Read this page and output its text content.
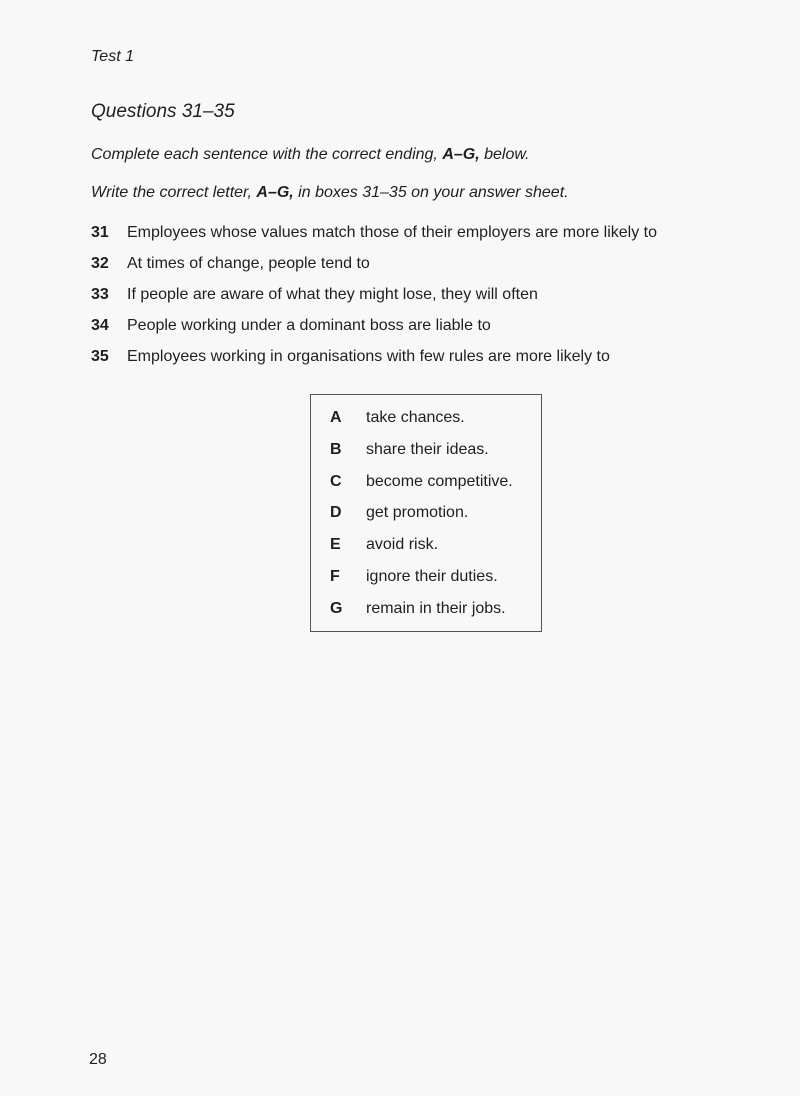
Test 1
Questions 31–35
Complete each sentence with the correct ending, A–G, below.
Write the correct letter, A–G, in boxes 31–35 on your answer sheet.
31	Employees whose values match those of their employers are more likely to
32	At times of change, people tend to
33	If people are aware of what they might lose, they will often
34	People working under a dominant boss are liable to
35	Employees working in organisations with few rules are more likely to
A	take chances.
B	share their ideas.
C	become competitive.
D	get promotion.
E	avoid risk.
F	ignore their duties.
G	remain in their jobs.
28
